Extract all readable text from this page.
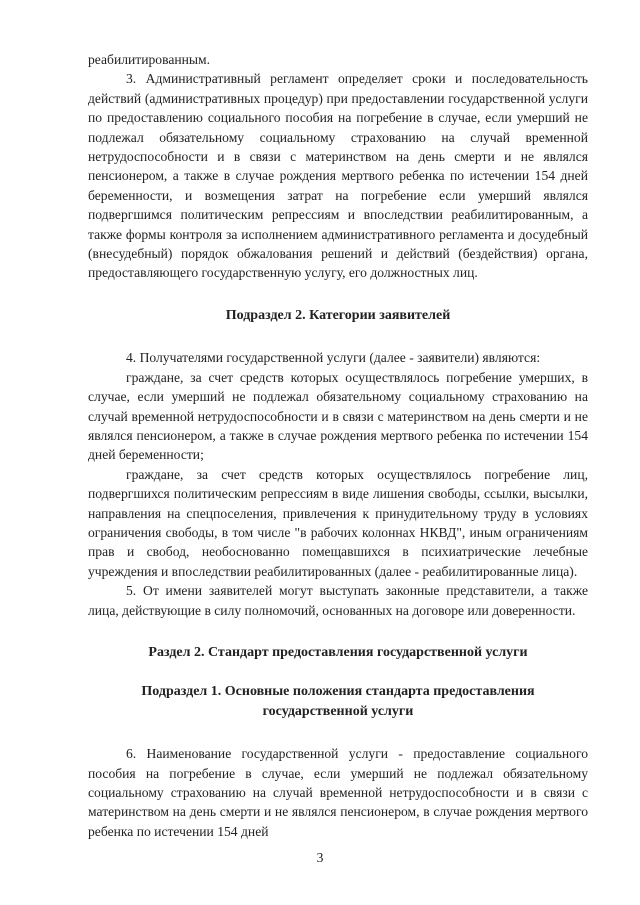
реабилитированным.

3. Административный регламент определяет сроки и последовательность действий (административных процедур) при предоставлении государственной услуги по предоставлению социального пособия на погребение в случае, если умерший не подлежал обязательному социальному страхованию на случай временной нетрудоспособности и в связи с материнством на день смерти и не являлся пенсионером, а также в случае рождения мертвого ребенка по истечении 154 дней беременности, и возмещения затрат на погребение если умерший являлся подвергшимся политическим репрессиям и впоследствии реабилитированным, а также формы контроля за исполнением административного регламента и досудебный (внесудебный) порядок обжалования решений и действий (бездействия) органа, предоставляющего государственную услугу, его должностных лиц.

Подраздел 2. Категории заявителей

4. Получателями государственной услуги (далее - заявители) являются:

граждане, за счет средств которых осуществлялось погребение умерших, в случае, если умерший не подлежал обязательному социальному страхованию на случай временной нетрудоспособности и в связи с материнством на день смерти и не являлся пенсионером, а также в случае рождения мертвого ребенка по истечении 154 дней беременности;

граждане, за счет средств которых осуществлялось погребение лиц, подвергшихся политическим репрессиям в виде лишения свободы, ссылки, высылки, направления на спецпоселения, привлечения к принудительному труду в условиях ограничения свободы, в том числе "в рабочих колоннах НКВД", иным ограничениям прав и свобод, необоснованно помещавшихся в психиатрические лечебные учреждения и впоследствии реабилитированных (далее - реабилитированные лица).

5. От имени заявителей могут выступать законные представители, а также лица, действующие в силу полномочий, основанных на договоре или доверенности.

Раздел 2. Стандарт предоставления государственной услуги
Подраздел 1. Основные положения стандарта предоставления государственной услуги

6. Наименование государственной услуги - предоставление социального пособия на погребение в случае, если умерший не подлежал обязательному социальному страхованию на случай временной нетрудоспособности и в связи с материнством на день смерти и не являлся пенсионером, в случае рождения мертвого ребенка по истечении 154 дней

3
